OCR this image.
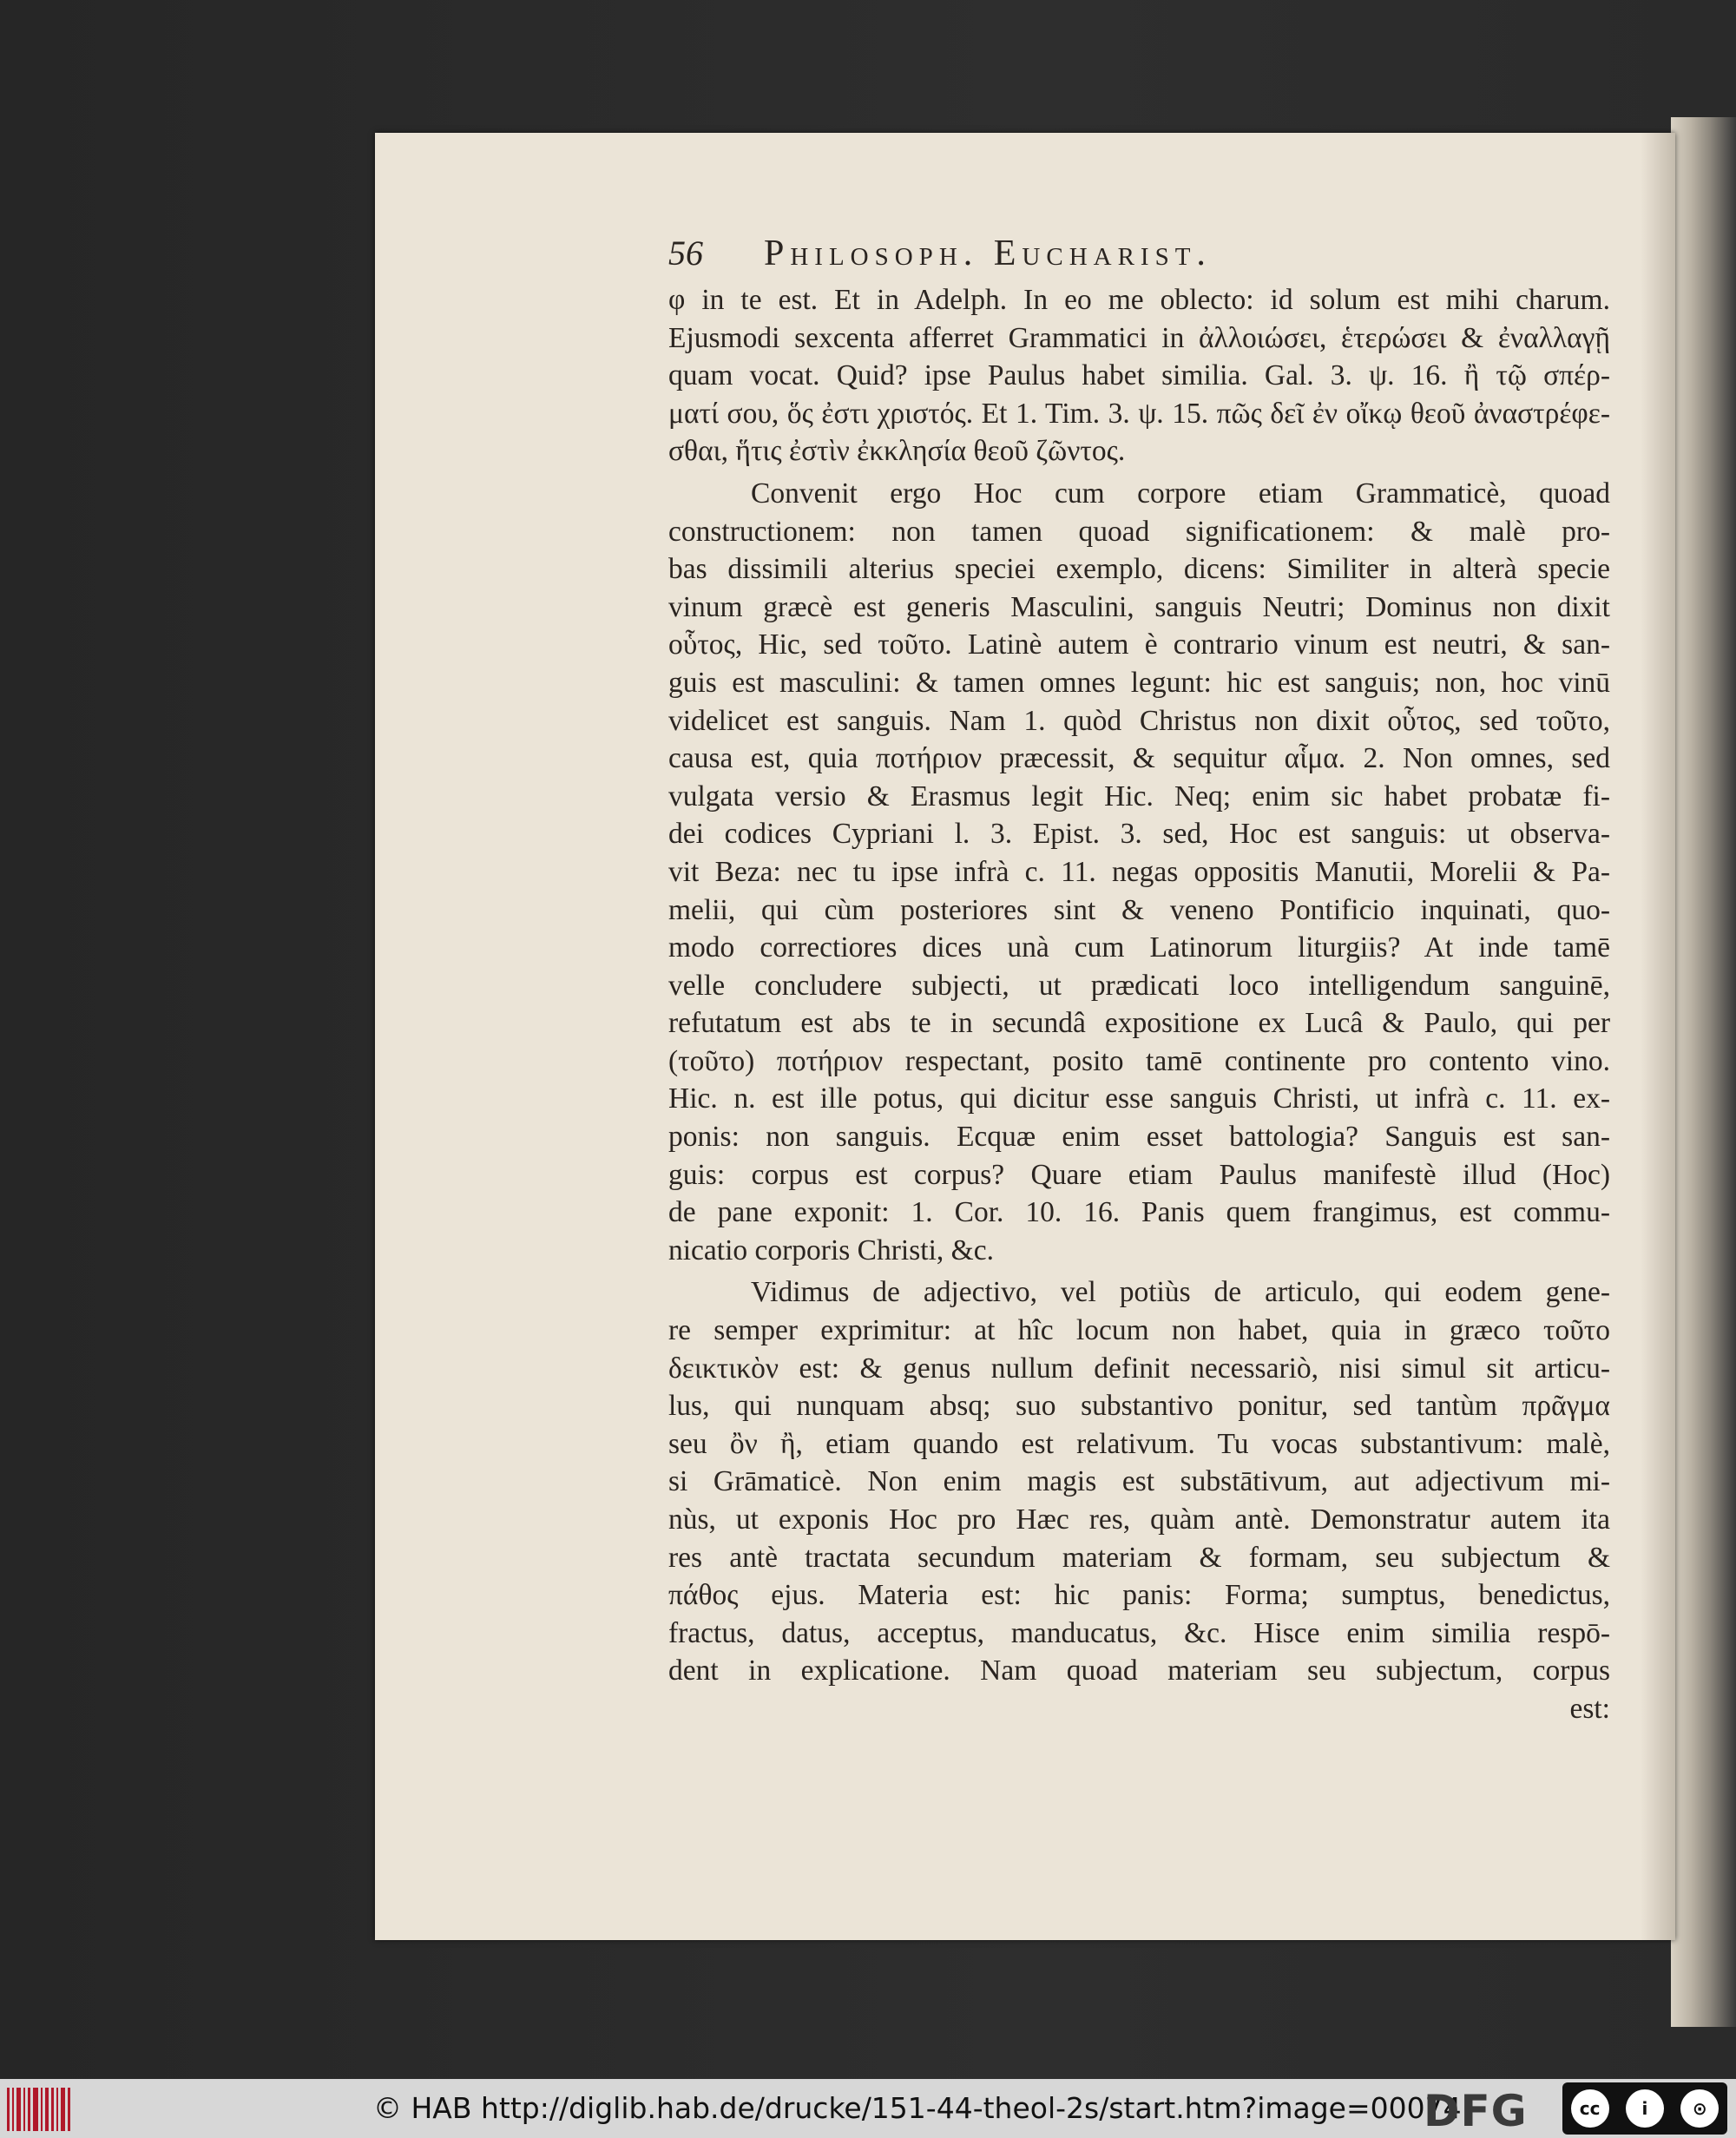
56	Philosoph. Eucharist.
φ in te est. Et in Adelph. In eo me oblecto: id solum est mihi charum.
Ejusmodi sexcenta afferret Grammatici in ἀλλοιώσει, ἑτερώσει & ἐναλλαγῇ
quam vocat. Quid? ipse Paulus habet similia. Gal. 3. ψ. 16. ἢ τῷ σπέρ-
ματί σου, ὅς ἐστι χριστός. Et 1. Tim. 3. ψ. 15. πῶς δεῖ ἐν οἴκῳ θεοῦ ἀναστρέφε-
σθαι, ἥτις ἐστὶν ἐκκλησία θεοῦ ζῶντος.
Convenit ergo Hoc cum corpore etiam Grammaticè, quoad
constructionem: non tamen quoad significationem: & malè pro-
bas dissimili alterius speciei exemplo, dicens: Similiter in alterà specie
vinum græcè est generis Masculini, sanguis Neutri; Dominus non dixit
οὗτος, Hic, sed τοῦτο. Latinè autem è contrario vinum est neutri, & san-
guis est masculini: & tamen omnes legunt: hic est sanguis; non, hoc vinū
videlicet est sanguis. Nam 1. quòd Christus non dixit οὗτος, sed τοῦτο,
causa est, quia ποτήριον præcessit, & sequitur αἷμα. 2. Non omnes, sed
vulgata versio & Erasmus legit Hic. Neq; enim sic habet probatæ fi-
dei codices Cypriani l. 3. Epist. 3. sed, Hoc est sanguis: ut observa-
vit Beza: nec tu ipse infrà c. 11. negas oppositis Manutii, Morelii & Pa-
melii, qui cùm posteriores sint & veneno Pontificio inquinati, quo-
modo correctiores dices unà cum Latinorum liturgiis? At inde tamē
velle concludere subjecti, ut prædicati loco intelligendum sanguinē,
refutatum est abs te in secundâ expositione ex Lucâ & Paulo, qui per
(τοῦτο) ποτήριον respectant, posito tamē continente pro contento vino.
Hic. n. est ille potus, qui dicitur esse sanguis Christi, ut infrà c. 11. ex-
ponis: non sanguis. Ecquæ enim esset battologia? Sanguis est san-
guis: corpus est corpus? Quare etiam Paulus manifestè illud (Hoc)
de pane exponit: 1. Cor. 10. 16. Panis quem frangimus, est commu-
nicatio corporis Christi, &c.
Vidimus de adjectivo, vel potiùs de articulo, qui eodem gene-
re semper exprimitur: at hîc locum non habet, quia in græco τοῦτο
δεικτικὸν est: & genus nullum definit necessariò, nisi simul sit articu-
lus, qui nunquam absq; suo substantivo ponitur, sed tantùm πρᾶγμα
seu ὂν ἢ, etiam quando est relativum. Tu vocas substantivum: malè,
si Grāmaticè. Non enim magis est substātivum, aut adjectivum mi-
nùs, ut exponis Hoc pro Hæc res, quàm antè. Demonstratur autem ita
res antè tractata secundum materiam & formam, seu subjectum &
πάθος ejus. Materia est: hic panis: Forma; sumptus, benedictus,
fractus, datus, acceptus, manducatus, &c. Hisce enim similia respō-
dent in explicatione. Nam quoad materiam seu subjectum, corpus
est:
© HAB http://diglib.hab.de/drucke/151-44-theol-2s/start.htm?image=00074
DFG	cc	i	⊙
